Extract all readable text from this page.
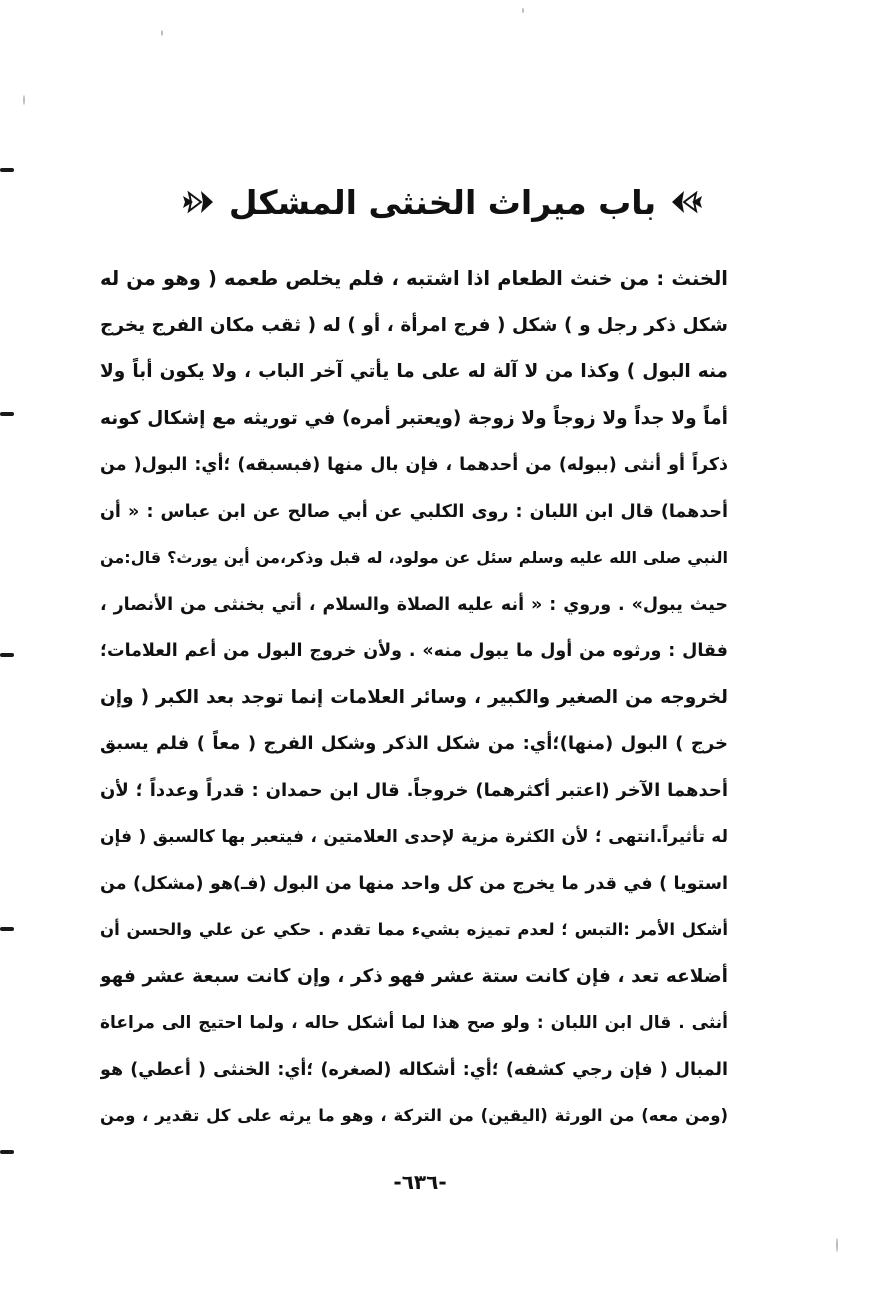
باب ميراث الخنثى المشكل
الخنث : من خنث الطعام اذا اشتبه ، فلم يخلص طعمه ( وهو من له
شكل ذكر رجل و ) شكل ( فرج امرأة ، أو ) له ( ثقب مكان الفرج يخرج
منه البول ) وكذا من لا آلة له على ما يأتي آخر الباب ، ولا يكون أباً ولا
أماً ولا جداً ولا زوجاً ولا زوجة (ويعتبر أمره) في توريثه مع إشكال كونه
ذكراً أو أنثى (ببوله) من أحدهما ، فإن بال منها (فبسبقه) ؛أي: البول( من
أحدهما) قال ابن اللبان : روى الكلبي عن أبي صالح عن ابن عباس : « أن
النبي صلى الله عليه وسلم سئل عن مولود، له قبل وذكر،من أين يورث؟ قال:من
حيث يبول» . وروي : « أنه عليه الصلاة والسلام ، أتي بخنثى من الأنصار ،
فقال : ورثوه من أول ما يبول منه» . ولأن خروج البول من أعم العلامات؛
لخروجه من الصغير والكبير ، وسائر العلامات إنما توجد بعد الكبر ( وإن
خرج ) البول (منها)؛أي: من شكل الذكر وشكل الفرج ( معاً ) فلم يسبق
أحدهما الآخر (اعتبر أكثرهما) خروجاً. قال ابن حمدان : قدراً وعدداً ؛ لأن
له تأثيراً.انتهى ؛ لأن الكثرة مزية لإحدى العلامتين ، فيتعبر بها كالسبق ( فإن
استويا ) في قدر ما يخرج من كل واحد منها من البول (فـ)هو (مشكل) من
أشكل الأمر :التبس ؛ لعدم تميزه بشيء مما تقدم . حكي عن علي والحسن أن
أضلاعه تعد ، فإن كانت ستة عشر فهو ذكر ، وإن كانت سبعة عشر فهو
أنثى . قال ابن اللبان : ولو صح هذا لما أشكل حاله ، ولما احتيج الى مراعاة
المبال ( فإن رجي كشفه) ؛أي: أشكاله (لصغره) ؛أي: الخنثى ( أعطي) هو
(ومن معه) من الورثة (اليقين) من التركة ، وهو ما يرثه على كل تقدير ، ومن
-٦٣٦-
